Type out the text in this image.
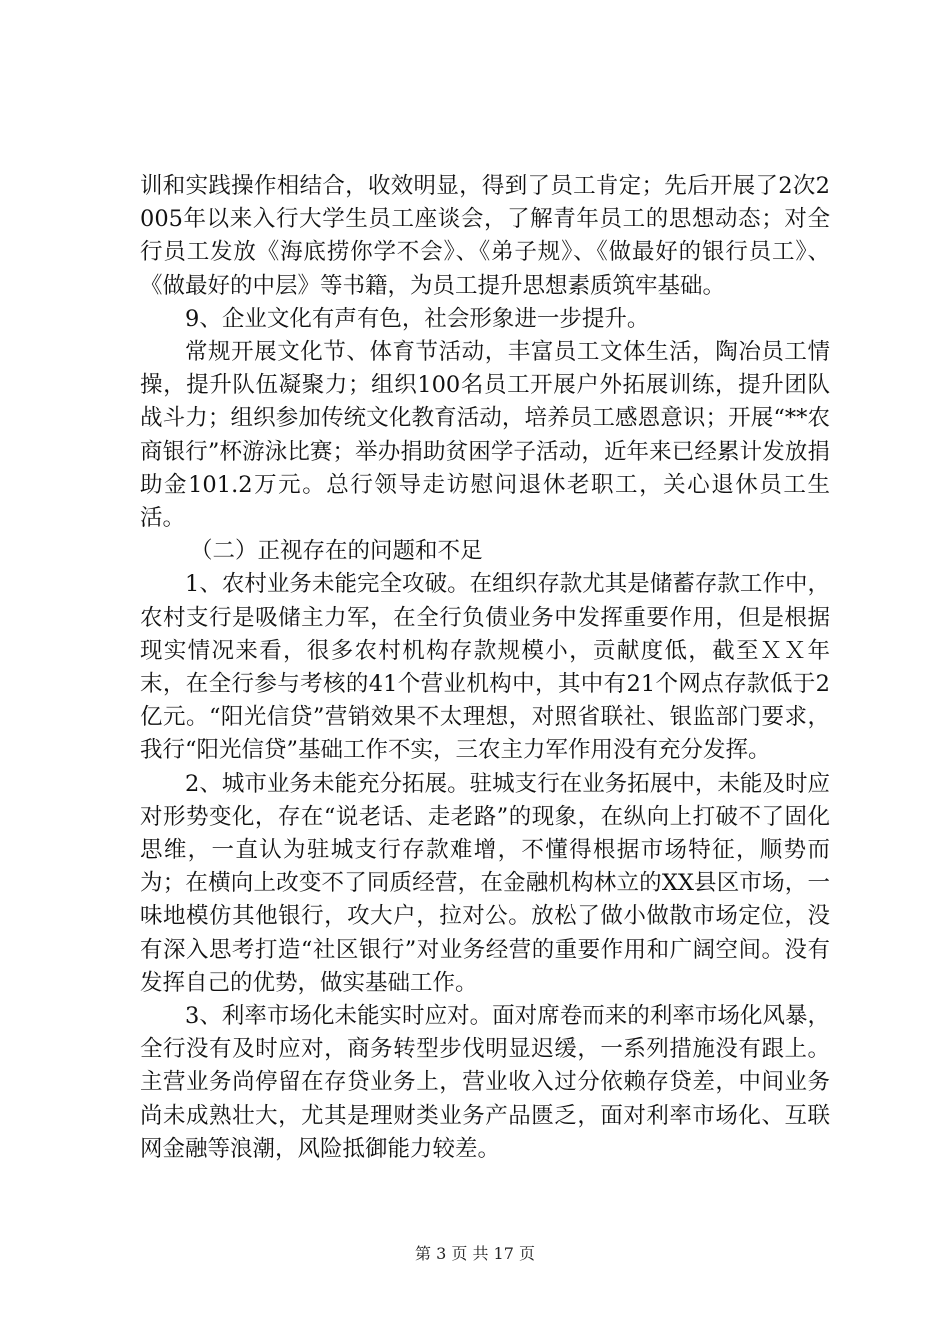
训和实践操作相结合，收效明显，得到了员工肯定；先后开展了2次2005年以来入行大学生员工座谈会，了解青年员工的思想动态；对全行员工发放《海底捞你学不会》、《弟子规》、《做最好的银行员工》、《做最好的中层》等书籍，为员工提升思想素质筑牢基础。

9、企业文化有声有色，社会形象进一步提升。

常规开展文化节、体育节活动，丰富员工文体生活，陶冶员工情操，提升队伍凝聚力；组织100名员工开展户外拓展训练，提升团队战斗力；组织参加传统文化教育活动，培养员工感恩意识；开展“**农商银行”杯游泳比赛；举办捐助贫困学子活动，近年来已经累计发放捐助金101.2万元。总行领导走访慰问退休老职工，关心退休员工生活。

（二）正视存在的问题和不足

1、农村业务未能完全攻破。在组织存款尤其是储蓄存款工作中，农村支行是吸储主力军，在全行负债业务中发挥重要作用，但是根据现实情况来看，很多农村机构存款规模小，贡献度低，截至ＸＸ年末，在全行参与考核的41个营业机构中，其中有21个网点存款低于2亿元。“阳光信贷”营销效果不太理想，对照省联社、银监部门要求，我行“阳光信贷”基础工作不实，三农主力军作用没有充分发挥。

2、城市业务未能充分拓展。驻城支行在业务拓展中，未能及时应对形势变化，存在“说老话、走老路”的现象，在纵向上打破不了固化思维，一直认为驻城支行存款难增，不懂得根据市场特征，顺势而为；在横向上改变不了同质经营，在金融机构林立的XX县区市场，一味地模仿其他银行，攻大户，拉对公。放松了做小做散市场定位，没有深入思考打造“社区银行”对业务经营的重要作用和广阔空间。没有发挥自己的优势，做实基础工作。

3、利率市场化未能实时应对。面对席卷而来的利率市场化风暴，全行没有及时应对，商务转型步伐明显迟缓，一系列措施没有跟上。主营业务尚停留在存贷业务上，营业收入过分依赖存贷差，中间业务尚未成熟壮大，尤其是理财类业务产品匮乏，面对利率市场化、互联网金融等浪潮，风险抵御能力较差。

第 3 页 共 17 页
